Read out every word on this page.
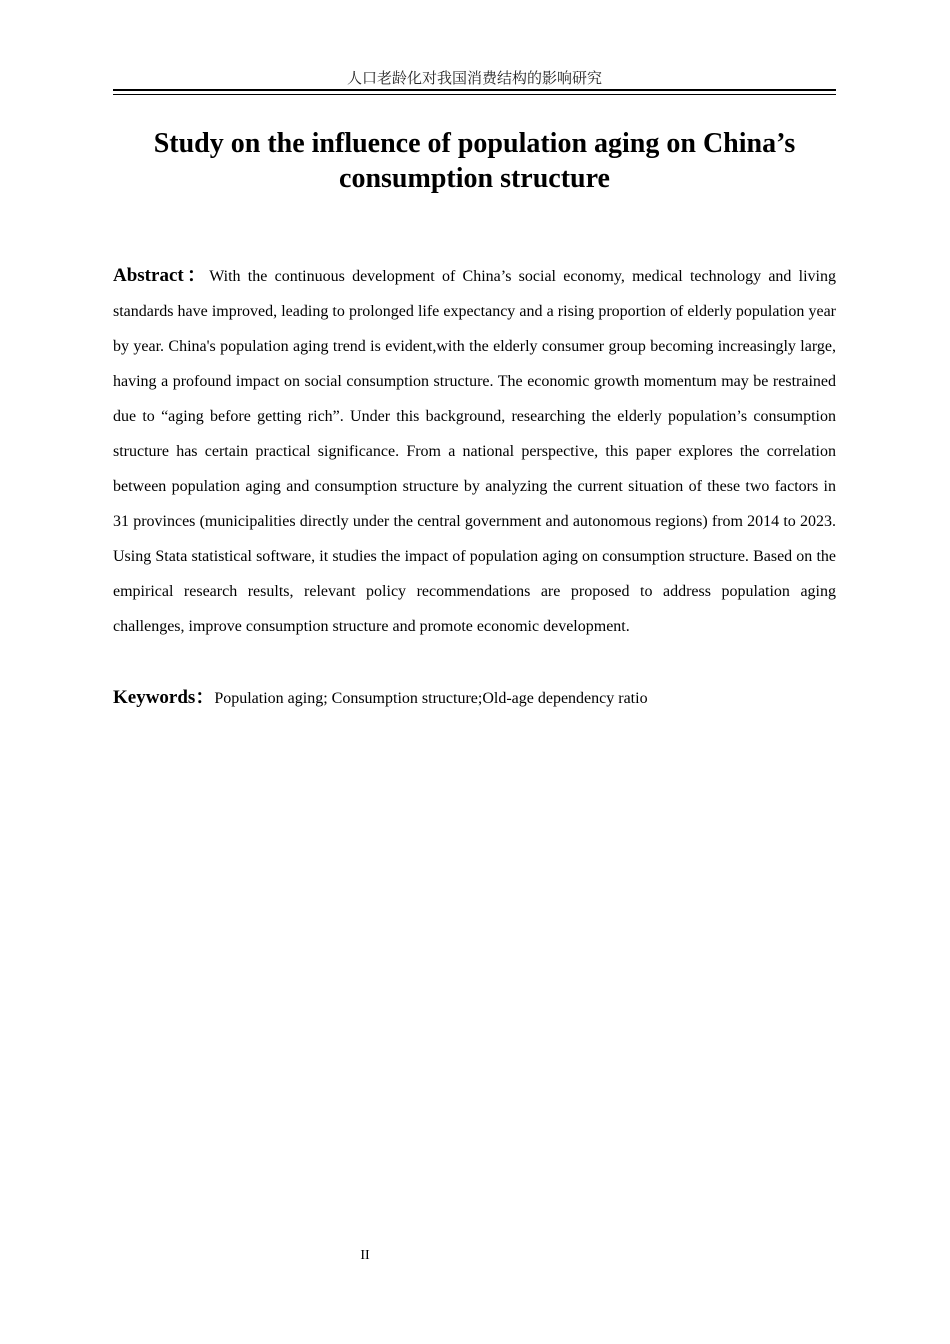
人口老龄化对我国消费结构的影响研究
Study on the influence of population aging on China’s consumption structure

Abstract：With the continuous development of China’s social economy, medical technology and living standards have improved, leading to prolonged life expectancy and a rising proportion of elderly population year by year. China's population aging trend is evident,with the elderly consumer group becoming increasingly large, having a profound impact on social consumption structure. The economic growth momentum may be restrained due to “aging before getting rich”. Under this background, researching the elderly population’s consumption structure has certain practical significance. From a national perspective, this paper explores the correlation between population aging and consumption structure by analyzing the current situation of these two factors in 31 provinces (municipalities directly under the central government and autonomous regions) from 2014 to 2023. Using Stata statistical software, it studies the impact of population aging on consumption structure. Based on the empirical research results, relevant policy recommendations are proposed to address population aging challenges, improve consumption structure and promote economic development.

Keywords：Population aging; Consumption structure;Old-age dependency ratio

II
